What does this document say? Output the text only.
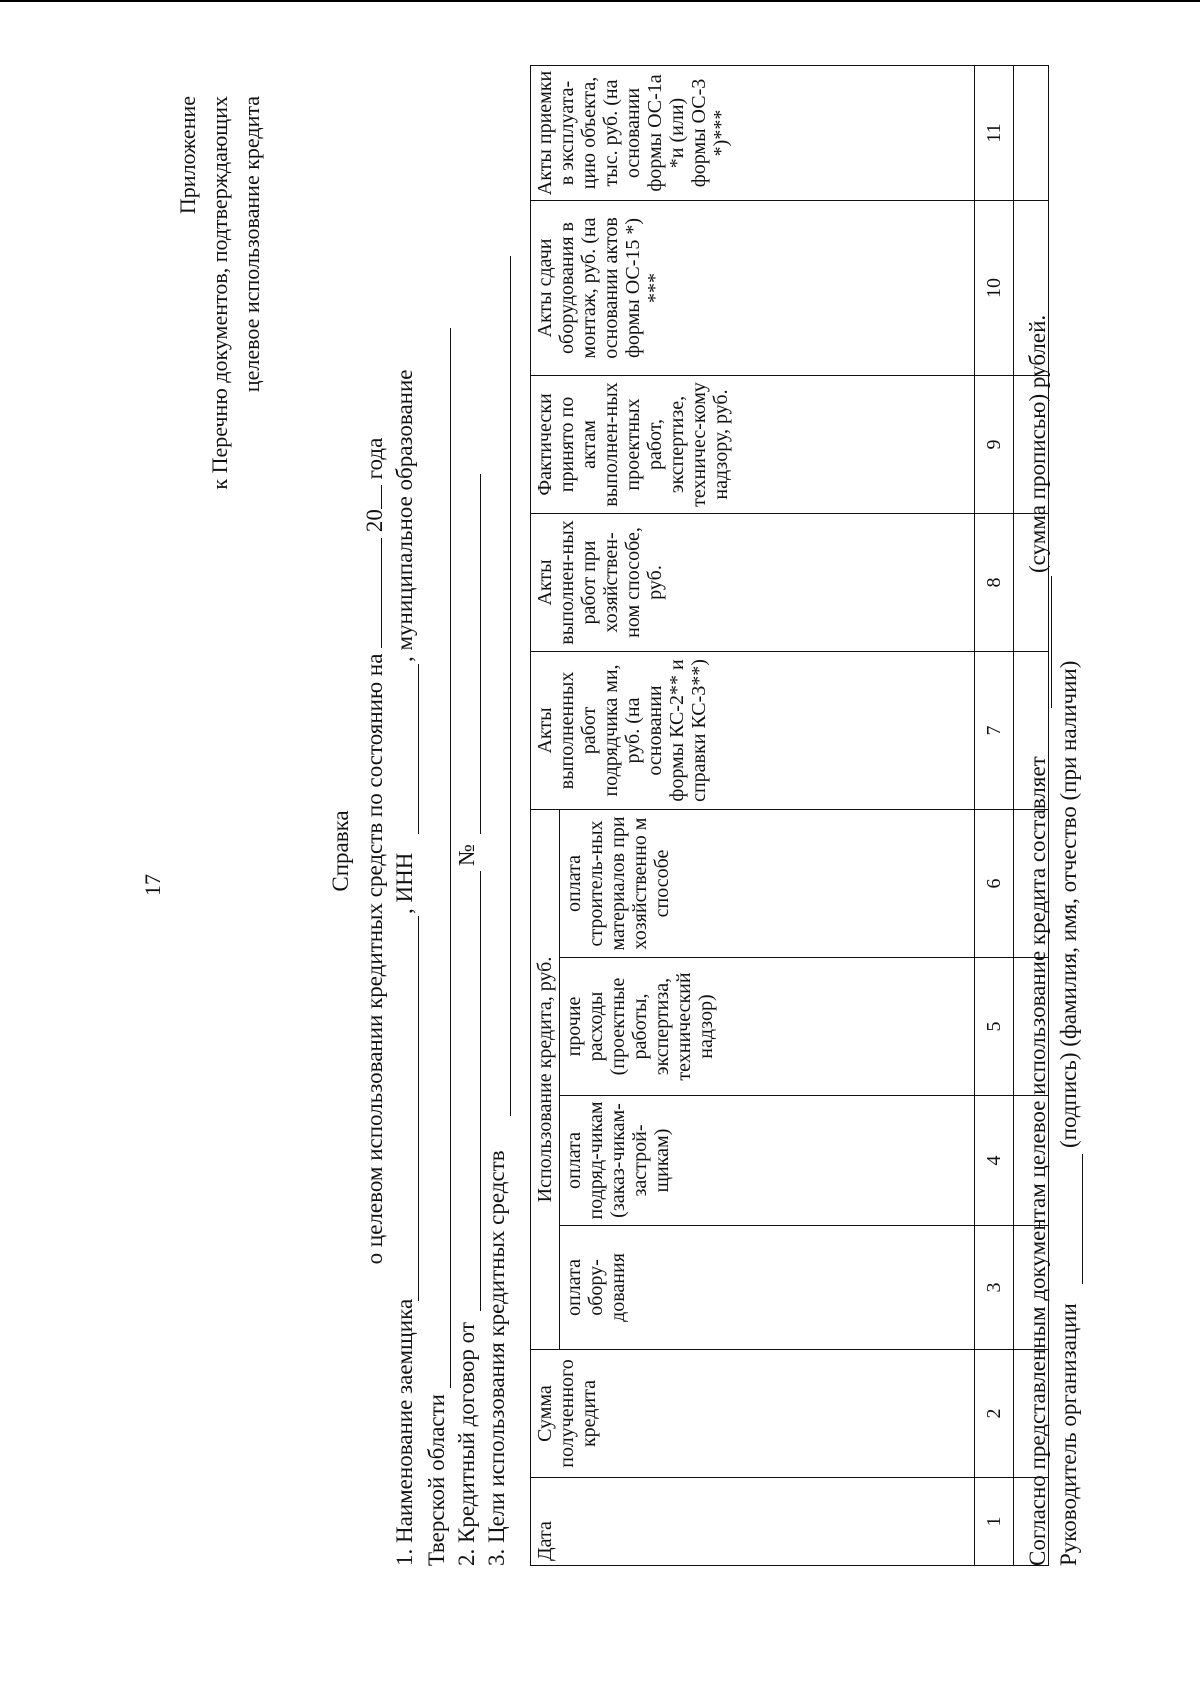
17
Приложение к Перечню документов, подтверждающих целевое использование кредита
Справка о целевом использовании кредитных средств по состоянию на  20 года
1. Наименование заемщика
, ИНН
, муниципальное образование
Тверской области 2. Кредитный договор от
№
3. Цели использования кредитных средств Дата	Сумма полученного кредита	Использование кредита, руб.				Акты выполненных работ подрядчика ми, руб. (на основании формы КС-2** и справки КС-3**)	Акты выполнен-ных работ при хозяйствен-ном способе, руб.	Фактически принято по актам выполнен-ных проектных работ, экспертизе, техничес-кому надзору, руб.	Акты сдачи оборудования в монтаж, руб. (на основании актов формы ОС-15 *) ***	Акты приемки в эксплуата-цию объекта, тыс. руб. (на основании формы ОС-1а *и (или) формы ОС-3 *)***
		оплата обору-дования	оплата подряд-чикам (заказ-чикам-застрой-щикам)	прочие расходы (проектные работы, экспертиза, технический надзор)	оплата строитель-ных материалов при хозяйственно м способе					
1	2	3	4	5	6	7	8	9	10	11

Согласно представленным документам целевое использование кредита составляет
(сумма прописью) рублей.
Руководитель организации
(подпись) (фамилия, имя, отчество (при наличии)
